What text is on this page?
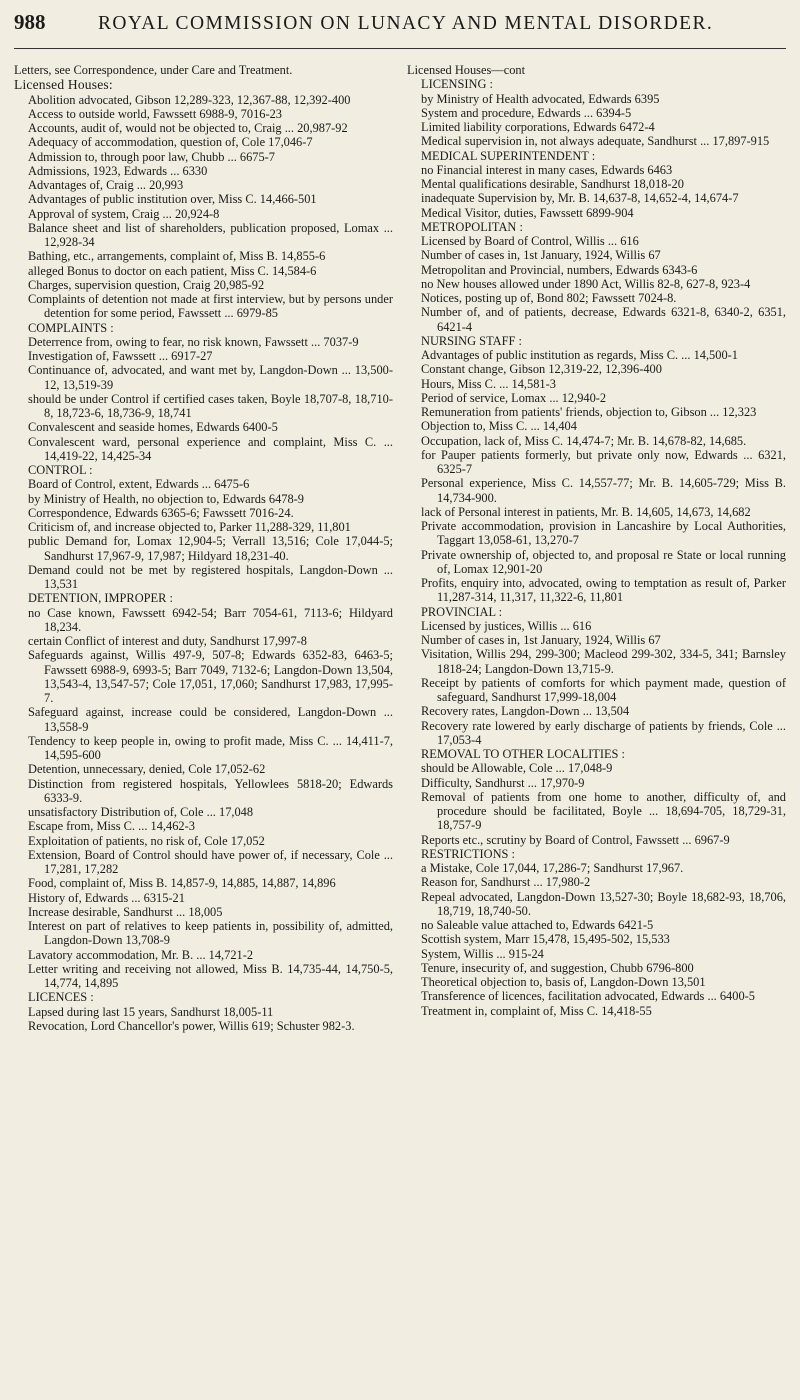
988	ROYAL COMMISSION ON LUNACY AND MENTAL DISORDER.

Letters, see Correspondence, under Care and Treatment.

Licensed Houses:

Abolition advocated, Gibson 12,289-323, 12,367-88, 12,392-400

Access to outside world, Fawssett 6988-9, 7016-23

Accounts, audit of, would not be objected to, Craig ... 20,987-92

Adequacy of accommodation, question of, Cole 17,046-7

Admission to, through poor law, Chubb ... 6675-7

Admissions, 1923, Edwards ... 6330

Advantages of, Craig ... 20,993

Advantages of public institution over, Miss C. 14,466-501

Approval of system, Craig ... 20,924-8

Balance sheet and list of shareholders, publication proposed, Lomax ... 12,928-34

Bathing, etc., arrangements, complaint of, Miss B. 14,855-6

alleged Bonus to doctor on each patient, Miss C. 14,584-6

Charges, supervision question, Craig 20,985-92

Complaints of detention not made at first interview, but by persons under detention for some period, Fawssett ... 6979-85

COMPLAINTS :

Deterrence from, owing to fear, no risk known, Fawssett ... 7037-9

Investigation of, Fawssett ... 6917-27

Continuance of, advocated, and want met by, Langdon-Down ... 13,500-12, 13,519-39

should be under Control if certified cases taken, Boyle 18,707-8, 18,710-8, 18,723-6, 18,736-9, 18,741

Convalescent and seaside homes, Edwards 6400-5

Convalescent ward, personal experience and complaint, Miss C. ... 14,419-22, 14,425-34

CONTROL :

Board of Control, extent, Edwards ... 6475-6

by Ministry of Health, no objection to, Edwards 6478-9

Correspondence, Edwards 6365-6; Fawssett 7016-24.

Criticism of, and increase objected to, Parker 11,288-329, 11,801

public Demand for, Lomax 12,904-5; Verrall 13,516; Cole 17,044-5; Sandhurst 17,967-9, 17,987; Hildyard 18,231-40.

Demand could not be met by registered hospitals, Langdon-Down ... 13,531

DETENTION, IMPROPER :

no Case known, Fawssett 6942-54; Barr 7054-61, 7113-6; Hildyard 18,234.

certain Conflict of interest and duty, Sandhurst 17,997-8

Safeguards against, Willis 497-9, 507-8; Edwards 6352-83, 6463-5; Fawssett 6988-9, 6993-5; Barr 7049, 7132-6; Langdon-Down 13,504, 13,543-4, 13,547-57; Cole 17,051, 17,060; Sandhurst 17,983, 17,995-7.

Safeguard against, increase could be considered, Langdon-Down ... 13,558-9

Tendency to keep people in, owing to profit made, Miss C. ... 14,411-7, 14,595-600

Detention, unnecessary, denied, Cole 17,052-62

Distinction from registered hospitals, Yellowlees 5818-20; Edwards 6333-9.

unsatisfactory Distribution of, Cole ... 17,048

Escape from, Miss C. ... 14,462-3

Exploitation of patients, no risk of, Cole 17,052

Extension, Board of Control should have power of, if necessary, Cole ... 17,281, 17,282

Food, complaint of, Miss B. 14,857-9, 14,885, 14,887, 14,896

History of, Edwards ... 6315-21

Increase desirable, Sandhurst ... 18,005

Interest on part of relatives to keep patients in, possibility of, admitted, Langdon-Down 13,708-9

Lavatory accommodation, Mr. B. ... 14,721-2

Letter writing and receiving not allowed, Miss B. 14,735-44, 14,750-5, 14,774, 14,895

LICENCES :

Lapsed during last 15 years, Sandhurst 18,005-11

Revocation, Lord Chancellor's power, Willis 619; Schuster 982-3.

Licensed Houses—cont

LICENSING :

by Ministry of Health advocated, Edwards 6395

System and procedure, Edwards ... 6394-5

Limited liability corporations, Edwards 6472-4

Medical supervision in, not always adequate, Sandhurst ... 17,897-915

MEDICAL SUPERINTENDENT :

no Financial interest in many cases, Edwards 6463

Mental qualifications desirable, Sandhurst 18,018-20

inadequate Supervision by, Mr. B. 14,637-8, 14,652-4, 14,674-7

Medical Visitor, duties, Fawssett 6899-904

METROPOLITAN :

Licensed by Board of Control, Willis ... 616

Number of cases in, 1st January, 1924, Willis 67

Metropolitan and Provincial, numbers, Edwards 6343-6

no New houses allowed under 1890 Act, Willis 82-8, 627-8, 923-4

Notices, posting up of, Bond 802; Fawssett 7024-8.

Number of, and of patients, decrease, Edwards 6321-8, 6340-2, 6351, 6421-4

NURSING STAFF :

Advantages of public institution as regards, Miss C. ... 14,500-1

Constant change, Gibson 12,319-22, 12,396-400

Hours, Miss C. ... 14,581-3

Period of service, Lomax ... 12,940-2

Remuneration from patients' friends, objection to, Gibson ... 12,323

Objection to, Miss C. ... 14,404

Occupation, lack of, Miss C. 14,474-7; Mr. B. 14,678-82, 14,685.

for Pauper patients formerly, but private only now, Edwards ... 6321, 6325-7

Personal experience, Miss C. 14,557-77; Mr. B. 14,605-729; Miss B. 14,734-900.

lack of Personal interest in patients, Mr. B. 14,605, 14,673, 14,682

Private accommodation, provision in Lancashire by Local Authorities, Taggart 13,058-61, 13,270-7

Private ownership of, objected to, and proposal re State or local running of, Lomax 12,901-20

Profits, enquiry into, advocated, owing to temptation as result of, Parker 11,287-314, 11,317, 11,322-6, 11,801

PROVINCIAL :

Licensed by justices, Willis ... 616

Number of cases in, 1st January, 1924, Willis 67

Visitation, Willis 294, 299-300; Macleod 299-302, 334-5, 341; Barnsley 1818-24; Langdon-Down 13,715-9.

Receipt by patients of comforts for which payment made, question of safeguard, Sandhurst 17,999-18,004

Recovery rates, Langdon-Down ... 13,504

Recovery rate lowered by early discharge of patients by friends, Cole ... 17,053-4

REMOVAL TO OTHER LOCALITIES :

should be Allowable, Cole ... 17,048-9

Difficulty, Sandhurst ... 17,970-9

Removal of patients from one home to another, difficulty of, and procedure should be facilitated, Boyle ... 18,694-705, 18,729-31, 18,757-9

Reports etc., scrutiny by Board of Control, Fawssett ... 6967-9

RESTRICTIONS :

a Mistake, Cole 17,044, 17,286-7; Sandhurst 17,967.

Reason for, Sandhurst ... 17,980-2

Repeal advocated, Langdon-Down 13,527-30; Boyle 18,682-93, 18,706, 18,719, 18,740-50.

no Saleable value attached to, Edwards 6421-5

Scottish system, Marr 15,478, 15,495-502, 15,533

System, Willis ... 915-24

Tenure, insecurity of, and suggestion, Chubb 6796-800

Theoretical objection to, basis of, Langdon-Down 13,501

Transference of licences, facilitation advocated, Edwards ... 6400-5

Treatment in, complaint of, Miss C. 14,418-55
